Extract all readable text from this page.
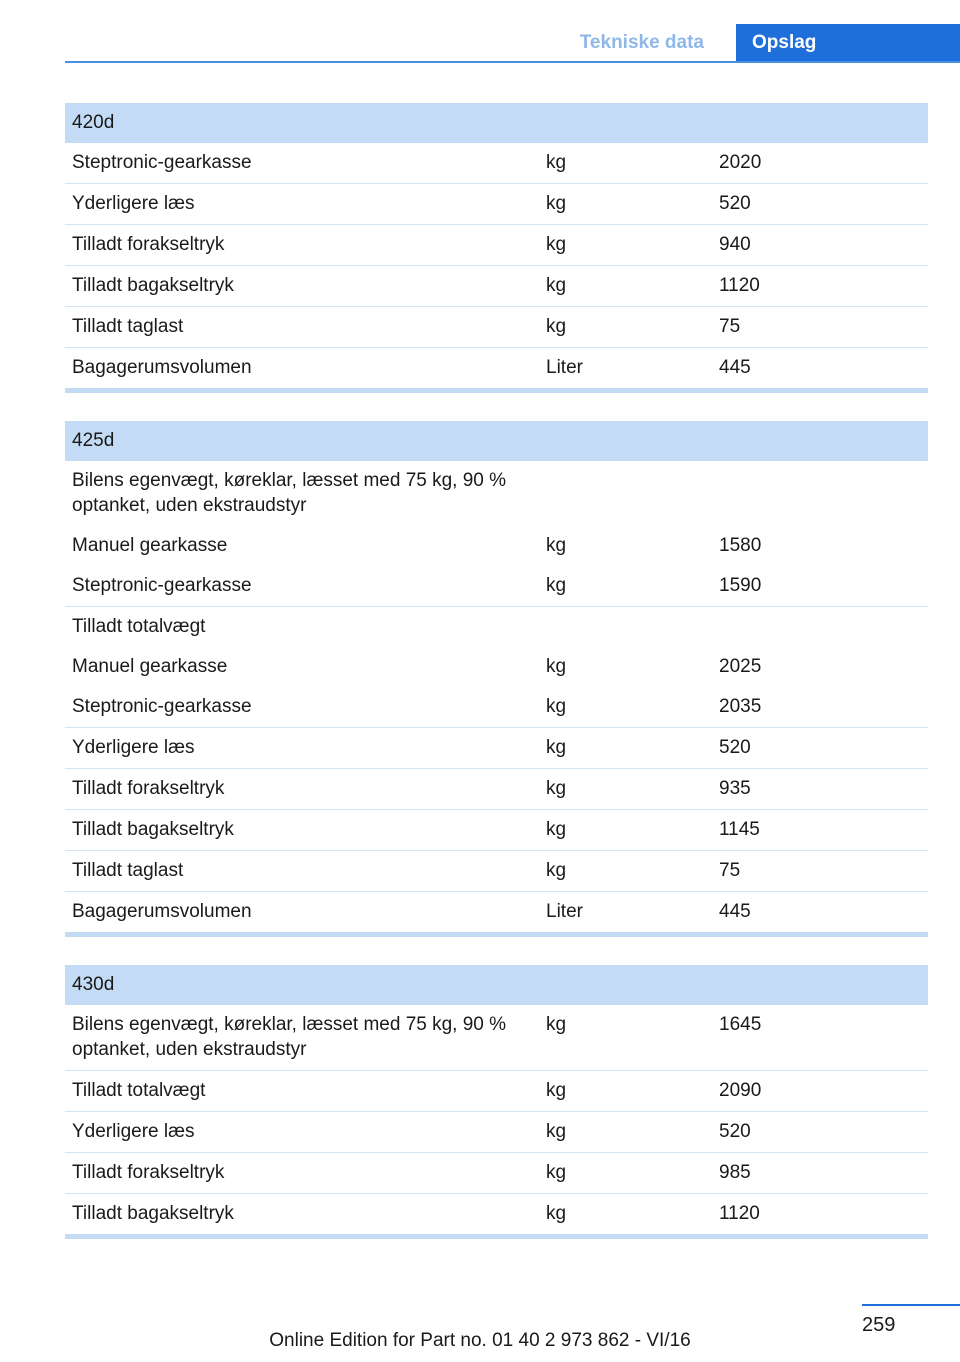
Tekniske data	Opslag
420d		
Steptronic-gearkasse	kg	2020
Yderligere læs	kg	520
Tilladt forakseltryk	kg	940
Tilladt bagakseltryk	kg	1120
Tilladt taglast	kg	75
Bagagerumsvolumen	Liter	445
425d		
Bilens egenvægt, køreklar, læsset med 75 kg, 90 % optanket, uden ekstraudstyr		
Manuel gearkasse	kg	1580
Steptronic-gearkasse	kg	1590
Tilladt totalvægt		
Manuel gearkasse	kg	2025
Steptronic-gearkasse	kg	2035
Yderligere læs	kg	520
Tilladt forakseltryk	kg	935
Tilladt bagakseltryk	kg	1145
Tilladt taglast	kg	75
Bagagerumsvolumen	Liter	445
430d		
Bilens egenvægt, køreklar, læsset med 75 kg, 90 % optanket, uden ekstraudstyr	kg	1645
Tilladt totalvægt	kg	2090
Yderligere læs	kg	520
Tilladt forakseltryk	kg	985
Tilladt bagakseltryk	kg	1120
259
Online Edition for Part no. 01 40 2 973 862 - VI/16
